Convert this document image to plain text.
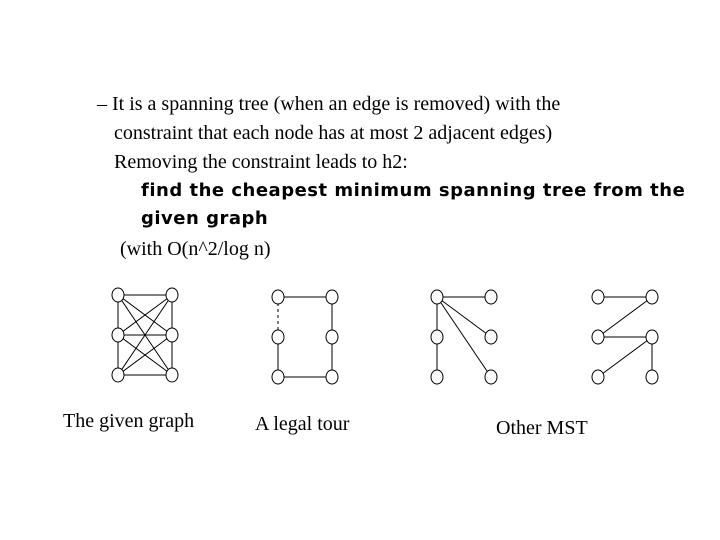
– It is a spanning tree (when an edge is removed) with the
constraint that each node has at most 2 adjacent edges)
Removing the constraint leads to h2:
find the cheapest minimum spanning tree from the
given graph
(with O(n^2/log n)
The given graph	A legal tour	Other MST
